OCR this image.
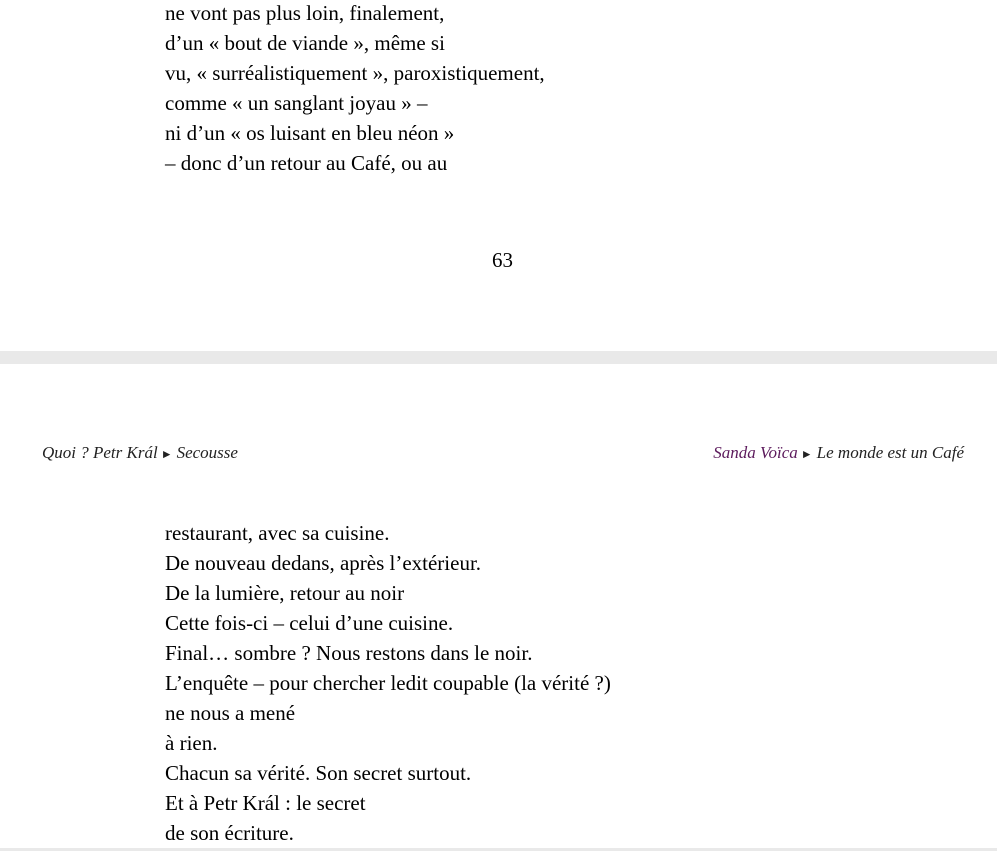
ne vont pas plus loin, finalement,
d’un « bout de viande », même si
vu, « surréalistiquement », paroxistiquement,
comme « un sanglant joyau » –
ni d’un « os luisant en bleu néon »
– donc d’un retour au Café, ou au
63
Quoi ? Petr Král ► Secousse	Sanda Voïca ► Le monde est un Café
restaurant, avec sa cuisine.
De nouveau dedans, après l’extérieur.
De la lumière, retour au noir
Cette fois-ci – celui d’une cuisine.
Final… sombre ? Nous restons dans le noir.
L’enquête – pour chercher ledit coupable (la vérité ?)
ne nous a mené
à rien.
Chacun sa vérité. Son secret surtout.
Et à Petr Král : le secret
de son écriture.
